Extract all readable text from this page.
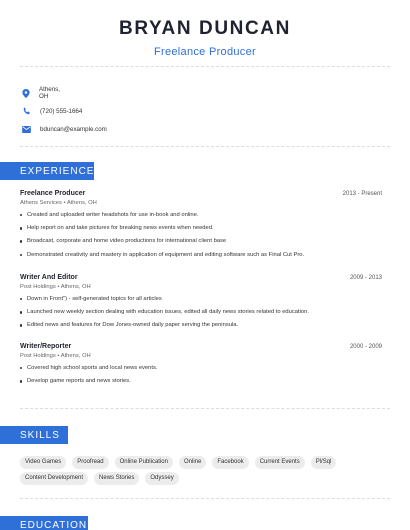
BRYAN DUNCAN
Freelance Producer
Athens, OH
(720) 555-1664
bduncan@example.com
EXPERIENCE
Freelance Producer	2013 - Present
Athens Services • Athens, OH
Created and uploaded writer headshots for use in-book and online.
Help report on and take pictures for breaking news events when needed.
Broadcast, corporate and home video productions for international client base
Demonstrated creativity and mastery in application of equipment and editing software such as Final Cut Pro.
Writer And Editor	2009 - 2013
Post Holdings • Athens, OH
Down in Front") - self-generated topics for all articles
Launched new weekly section dealing with education issues, edited all daily news stories related to education.
Edited news and features for Dow Jones-owned daily paper serving the peninsula.
Writer/Reporter	2000 - 2009
Post Holdings • Athens, OH
Covered high school sports and local news events.
Develop game reports and news stories.
SKILLS
Video Games	Proofread	Online Publication	Online	Facebook	Current Events	Pl/Sql
Content Development	News Stories	Odyssey
EDUCATION
